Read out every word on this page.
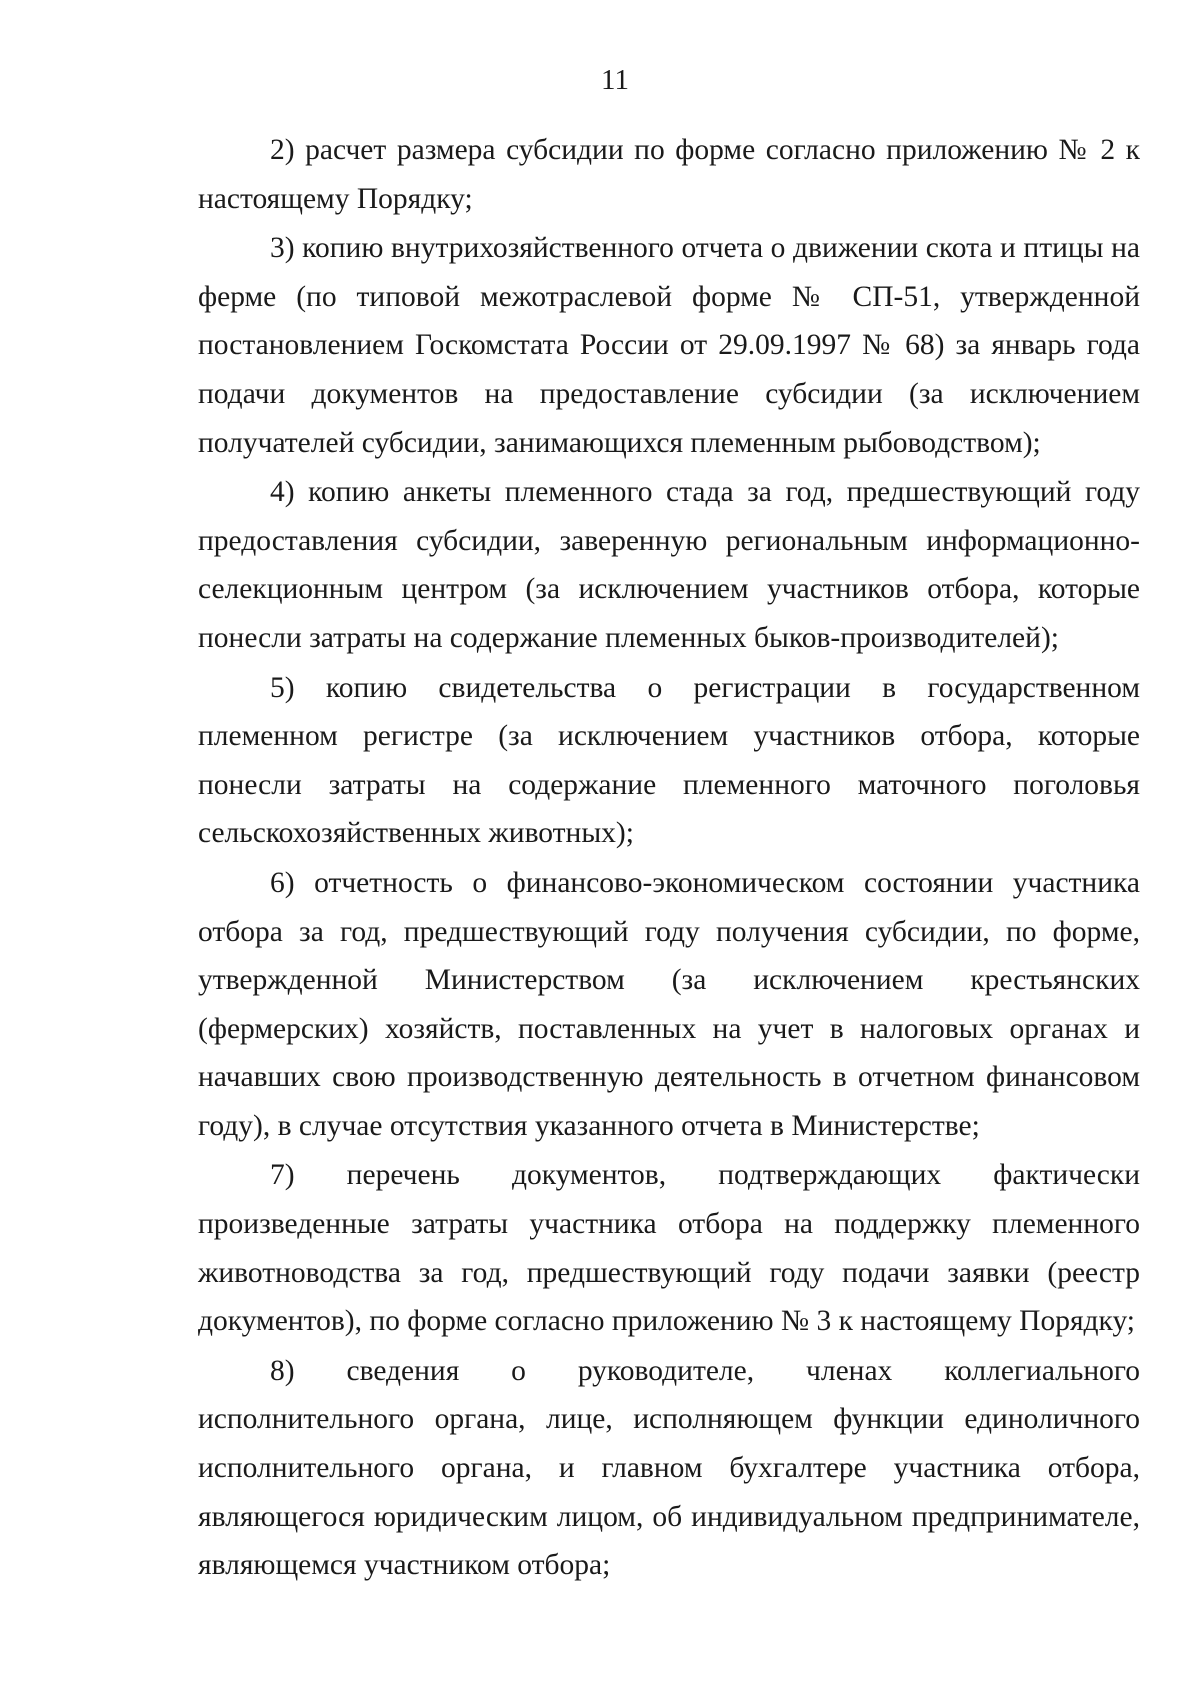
11

2) расчет размера субсидии по форме согласно приложению № 2 к настоящему Порядку;

3) копию внутрихозяйственного отчета о движении скота и птицы на ферме (по типовой межотраслевой форме № СП-51, утвержденной постановлением Госкомстата России от 29.09.1997 № 68) за январь года подачи документов на предоставление субсидии (за исключением получателей субсидии, занимающихся племенным рыбоводством);

4) копию анкеты племенного стада за год, предшествующий году предоставления субсидии, заверенную региональным информационно-селекционным центром (за исключением участников отбора, которые понесли затраты на содержание племенных быков-производителей);

5) копию свидетельства о регистрации в государственном племенном регистре (за исключением участников отбора, которые понесли затраты на содержание племенного маточного поголовья сельскохозяйственных животных);

6) отчетность о финансово-экономическом состоянии участника отбора за год, предшествующий году получения субсидии, по форме, утвержденной Министерством (за исключением крестьянских (фермерских) хозяйств, поставленных на учет в налоговых органах и начавших свою производственную деятельность в отчетном финансовом году), в случае отсутствия указанного отчета в Министерстве;

7) перечень документов, подтверждающих фактически произведенные затраты участника отбора на поддержку племенного животноводства за год, предшествующий году подачи заявки (реестр документов), по форме согласно приложению № 3 к настоящему Порядку;

8) сведения о руководителе, членах коллегиального исполнительного органа, лице, исполняющем функции единоличного исполнительного органа, и главном бухгалтере участника отбора, являющегося юридическим лицом, об индивидуальном предпринимателе, являющемся участником отбора;
